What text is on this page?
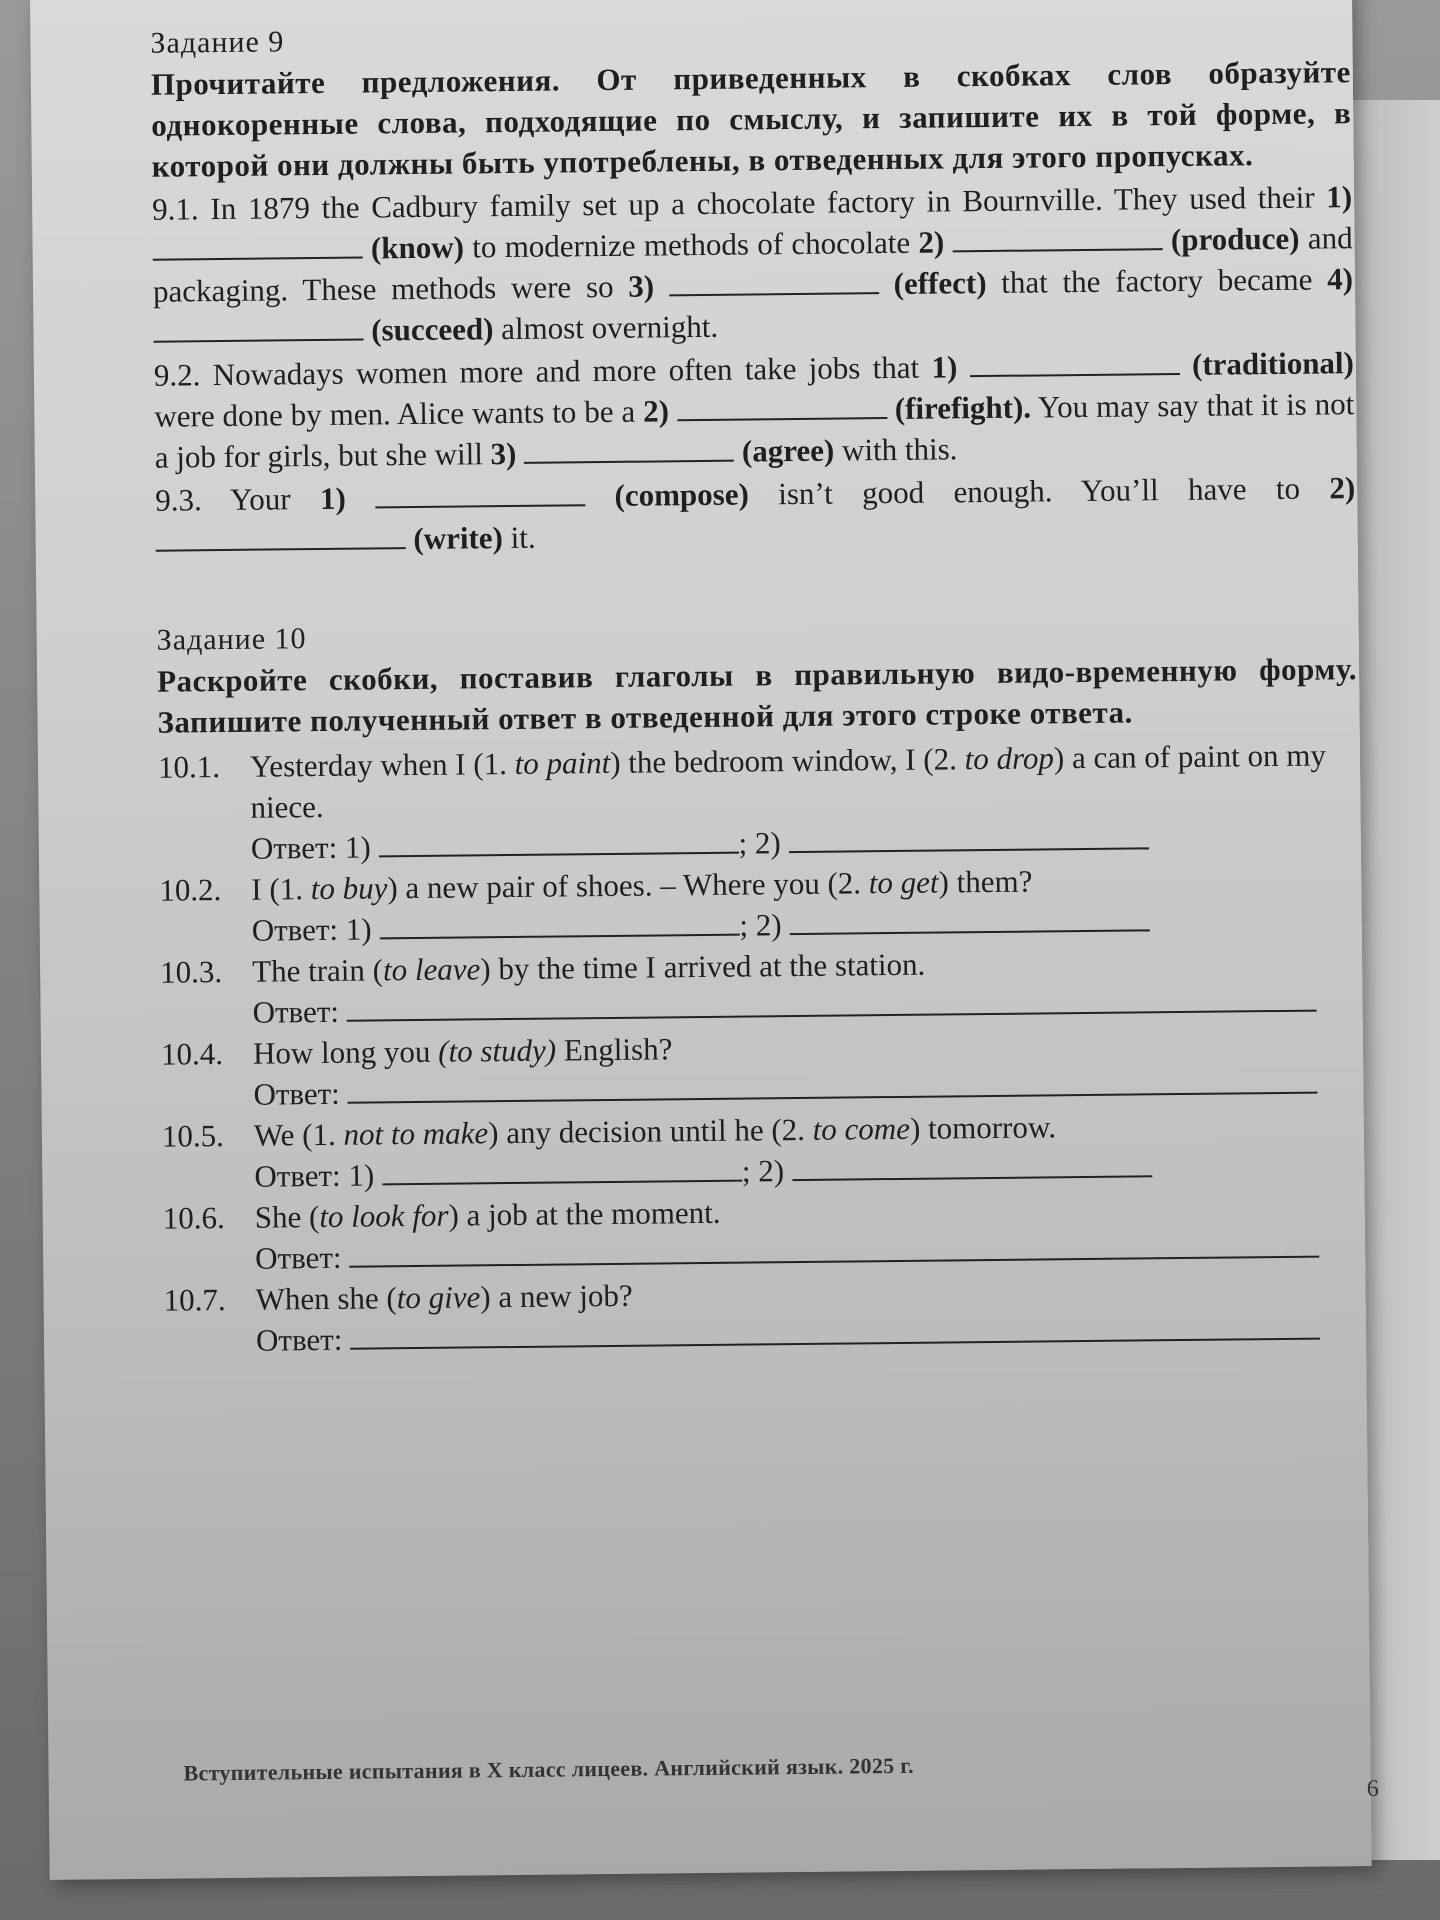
Задание 9
Прочитайте предложения. От приведенных в скобках слов образуйте однокоренные слова, подходящие по смыслу, и запишите их в той форме, в которой они должны быть употреблены, в отведенных для этого пропусках.
9.1. In 1879 the Cadbury family set up a chocolate factory in Bournville. They used their 1)  (know) to modernize methods of chocolate 2)	(produce) and packaging. These methods were so 3)	(effect) that the factory became 4)  (succeed) almost overnight.
9.2. Nowadays women more and more often take jobs that 1)	(traditional) were done by men. Alice wants to be a 2)	(firefight). You may say that it is not a job for girls, but she will 3)	(agree) with this.
9.3. Your 1)	(compose) isn’t good enough. You’ll have to 2)  (write) it.
Задание 10
Раскройте скобки, поставив глаголы в правильную видо-временную форму. Запишите полученный ответ в отведенной для этого строке ответа.
10.1. Yesterday when I (1. to paint) the bedroom window, I (2. to drop) a can of paint on my niece.
Ответ: 1)	; 2)
10.2. I (1. to buy) a new pair of shoes. – Where you (2. to get) them?
Ответ: 1)	; 2)
10.3. The train (to leave) by the time I arrived at the station.
Ответ:
10.4. How long you (to study) English?
Ответ:
10.5. We (1. not to make) any decision until he (2. to come) tomorrow.
Ответ: 1)	; 2)
10.6. She (to look for) a job at the moment.
Ответ:
10.7. When she (to give) a new job?
Ответ:
Вступительные испытания в X класс лицеев. Английский язык. 2025 г.
6
